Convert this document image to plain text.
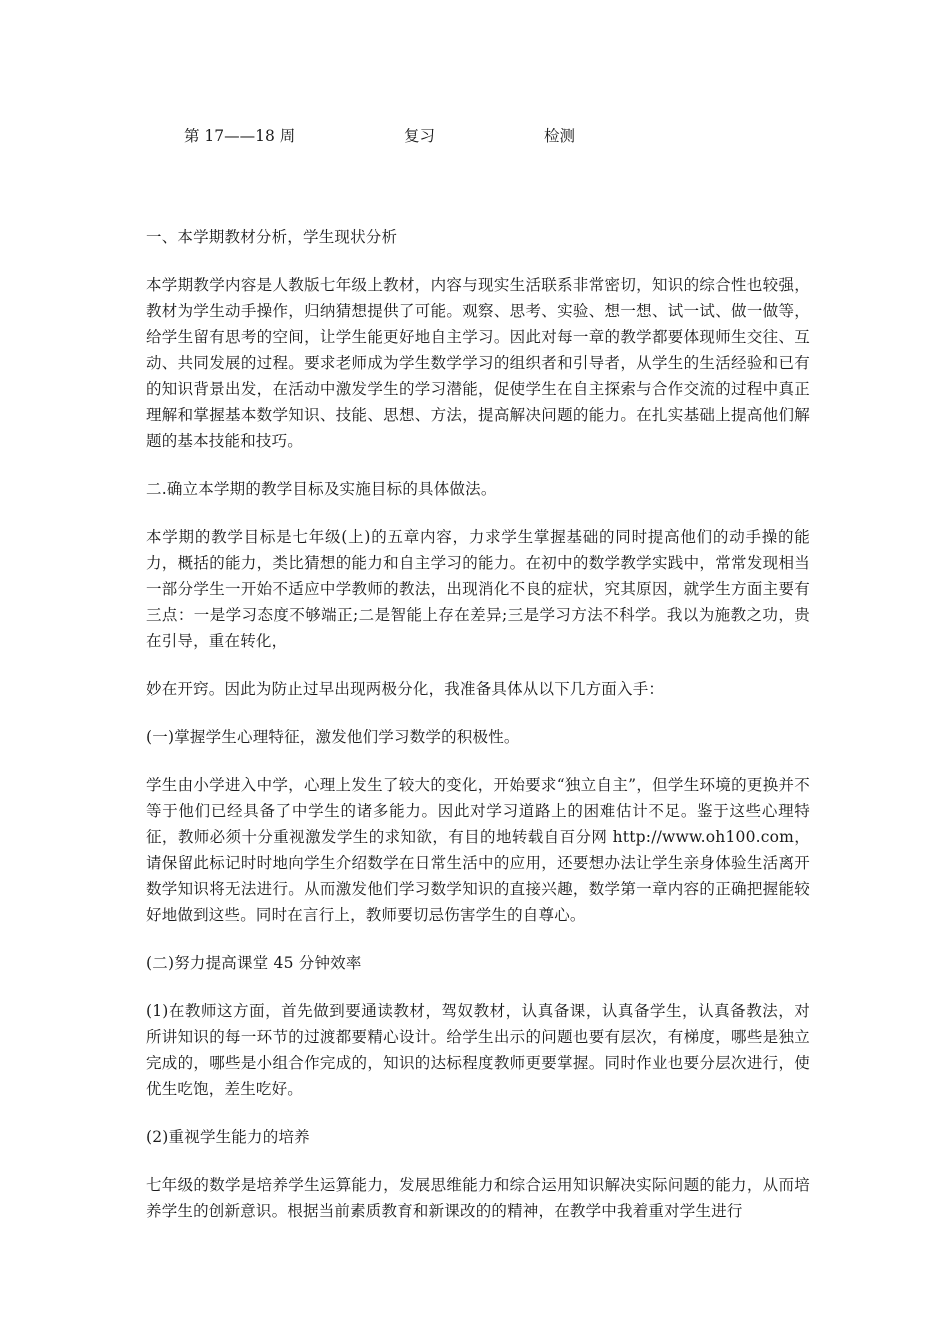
第 17——18 周	复习	检测

一、本学期教材分析，学生现状分析

本学期教学内容是人教版七年级上教材，内容与现实生活联系非常密切，知识的综合性也较强，教材为学生动手操作，归纳猜想提供了可能。观察、思考、实验、想一想、试一试、做一做等，给学生留有思考的空间，让学生能更好地自主学习。因此对每一章的教学都要体现师生交往、互动、共同发展的过程。要求老师成为学生数学学习的组织者和引导者，从学生的生活经验和已有的知识背景出发，在活动中激发学生的学习潜能，促使学生在自主探索与合作交流的过程中真正理解和掌握基本数学知识、技能、思想、方法，提高解决问题的能力。在扎实基础上提高他们解题的基本技能和技巧。

二.确立本学期的教学目标及实施目标的具体做法。

本学期的教学目标是七年级(上)的五章内容，力求学生掌握基础的同时提高他们的动手操的能力，概括的能力，类比猜想的能力和自主学习的能力。在初中的数学教学实践中，常常发现相当一部分学生一开始不适应中学教师的教法，出现消化不良的症状，究其原因，就学生方面主要有三点：一是学习态度不够端正;二是智能上存在差异;三是学习方法不科学。我以为施教之功，贵在引导，重在转化，

妙在开窍。因此为防止过早出现两极分化，我准备具体从以下几方面入手：

(一)掌握学生心理特征，激发他们学习数学的积极性。

学生由小学进入中学，心理上发生了较大的变化，开始要求“独立自主”，但学生环境的更换并不等于他们已经具备了中学生的诸多能力。因此对学习道路上的困难估计不足。鉴于这些心理特征，教师必须十分重视激发学生的求知欲，有目的地转载自百分网 http://www.oh100.com，请保留此标记时时地向学生介绍数学在日常生活中的应用，还要想办法让学生亲身体验生活离开数学知识将无法进行。从而激发他们学习数学知识的直接兴趣，数学第一章内容的正确把握能较好地做到这些。同时在言行上，教师要切忌伤害学生的自尊心。

(二)努力提高课堂 45 分钟效率

(1)在教师这方面，首先做到要通读教材，驾奴教材，认真备课，认真备学生，认真备教法，对所讲知识的每一环节的过渡都要精心设计。给学生出示的问题也要有层次，有梯度，哪些是独立完成的，哪些是小组合作完成的，知识的达标程度教师更要掌握。同时作业也要分层次进行，使优生吃饱，差生吃好。

(2)重视学生能力的培养

七年级的数学是培养学生运算能力，发展思维能力和综合运用知识解决实际问题的能力，从而培养学生的创新意识。根据当前素质教育和新课改的的精神，在教学中我着重对学生进行
